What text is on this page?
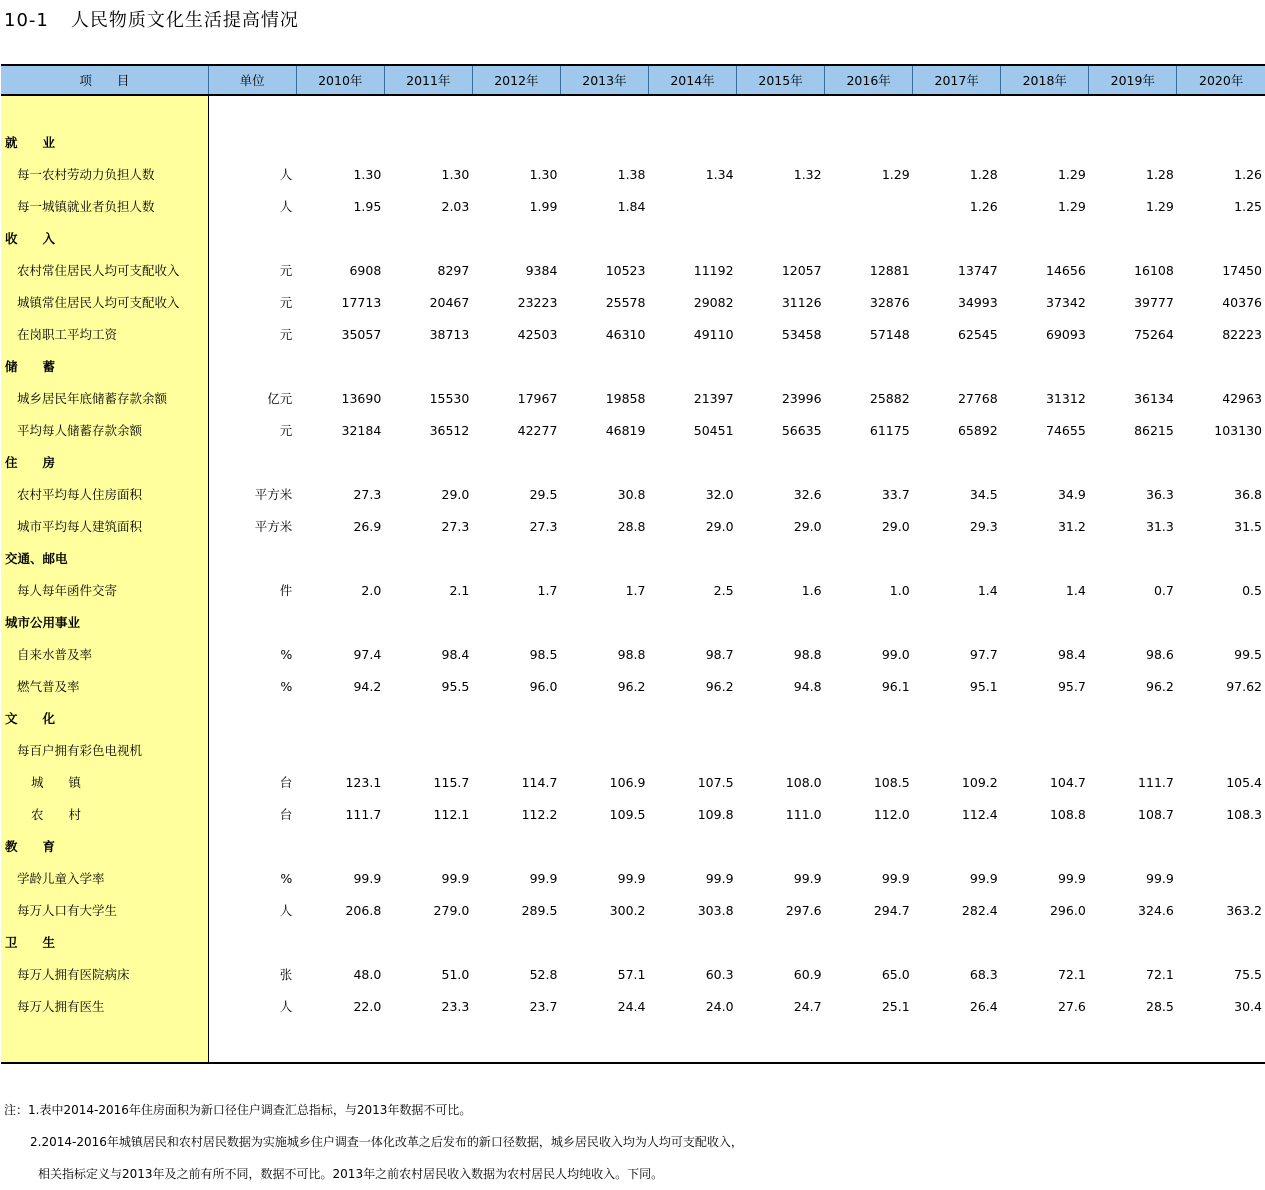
10-1 人民物质文化生活提高情况
项　　目	单位	2010年	2011年	2012年	2013年	2014年	2015年	2016年	2017年	2018年	2019年	2020年

就　　业												
每一农村劳动力负担人数	人	1.30	1.30	1.30	1.38	1.34	1.32	1.29	1.28	1.29	1.28	1.26
每一城镇就业者负担人数	人	1.95	2.03	1.99	1.84				1.26	1.29	1.29	1.25
收　　入												
农村常住居民人均可支配收入	元	6908	8297	9384	10523	11192	12057	12881	13747	14656	16108	17450
城镇常住居民人均可支配收入	元	17713	20467	23223	25578	29082	31126	32876	34993	37342	39777	40376
在岗职工平均工资	元	35057	38713	42503	46310	49110	53458	57148	62545	69093	75264	82223
储　　蓄												
城乡居民年底储蓄存款余额	亿元	13690	15530	17967	19858	21397	23996	25882	27768	31312	36134	42963
平均每人储蓄存款余额	元	32184	36512	42277	46819	50451	56635	61175	65892	74655	86215	103130
住　　房												
农村平均每人住房面积	平方米	27.3	29.0	29.5	30.8	32.0	32.6	33.7	34.5	34.9	36.3	36.8
城市平均每人建筑面积	平方米	26.9	27.3	27.3	28.8	29.0	29.0	29.0	29.3	31.2	31.3	31.5
交通、邮电												
每人每年函件交寄	件	2.0	2.1	1.7	1.7	2.5	1.6	1.0	1.4	1.4	0.7	0.5
城市公用事业												
自来水普及率	%	97.4	98.4	98.5	98.8	98.7	98.8	99.0	97.7	98.4	98.6	99.5
燃气普及率	%	94.2	95.5	96.0	96.2	96.2	94.8	96.1	95.1	95.7	96.2	97.62
文　　化												
每百户拥有彩色电视机												
城　　镇	台	123.1	115.7	114.7	106.9	107.5	108.0	108.5	109.2	104.7	111.7	105.4
农　　村	台	111.7	112.1	112.2	109.5	109.8	111.0	112.0	112.4	108.8	108.7	108.3
教　　育												
学龄儿童入学率	%	99.9	99.9	99.9	99.9	99.9	99.9	99.9	99.9	99.9	99.9	
每万人口有大学生	人	206.8	279.0	289.5	300.2	303.8	297.6	294.7	282.4	296.0	324.6	363.2
卫　　生												
每万人拥有医院病床	张	48.0	51.0	52.8	57.1	60.3	60.9	65.0	68.3	72.1	72.1	75.5
每万人拥有医生	人	22.0	23.3	23.7	24.4	24.0	24.7	25.1	26.4	27.6	28.5	30.4

注：1.表中2014-2016年住房面积为新口径住户调查汇总指标，与2013年数据不可比。
2.2014-2016年城镇居民和农村居民数据为实施城乡住户调查一体化改革之后发布的新口径数据，城乡居民收入均为人均可支配收入，
相关指标定义与2013年及之前有所不同，数据不可比。2013年之前农村居民收入数据为农村居民人均纯收入。下同。
